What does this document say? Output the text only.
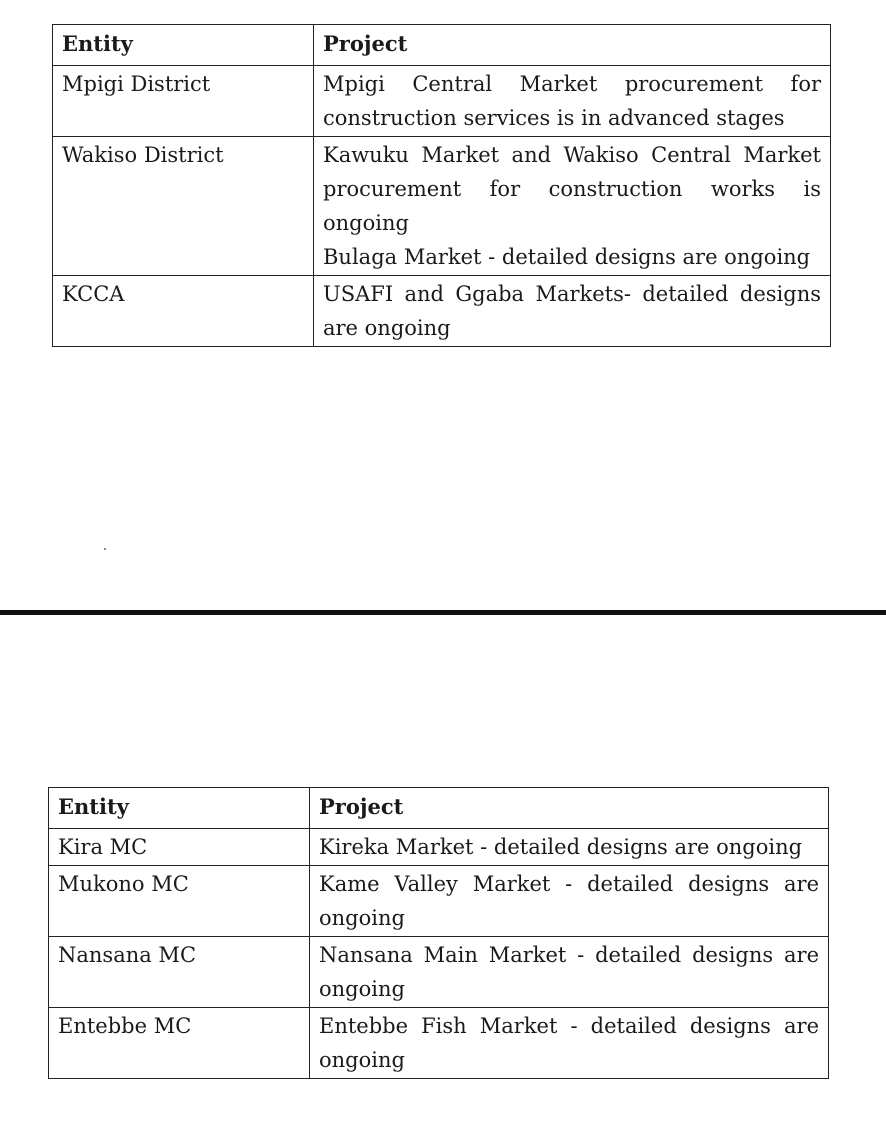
Entity	Project
Mpigi District	Mpigi Central Market procurement for construction services is in advanced stages

Wakiso District	Kawuku Market and Wakiso Central Market procurement for construction works is ongoing
Bulaga Market - detailed designs are ongoing

KCCA	USAFI and Ggaba Markets- detailed designs are ongoing
Entity	Project
Kira MC	Kireka Market - detailed designs are ongoing

Mukono MC	Kame Valley Market - detailed designs are ongoing

Nansana MC	Nansana Main Market - detailed designs are ongoing

Entebbe MC	Entebbe Fish Market - detailed designs are ongoing
